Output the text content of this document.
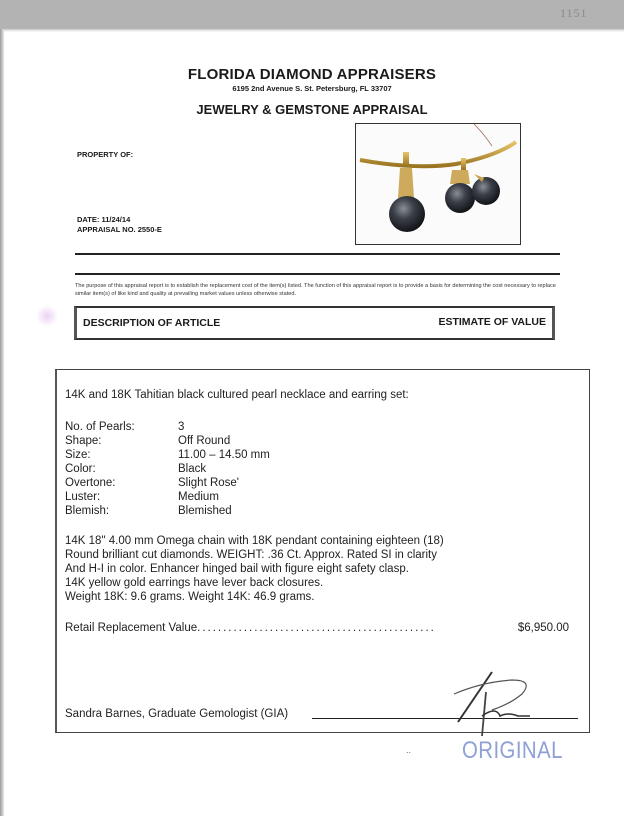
1151
FLORIDA DIAMOND APPRAISERS
6195 2nd Avenue S. St. Petersburg, FL 33707
JEWELRY & GEMSTONE APPRAISAL
PROPERTY OF:
DATE: 11/24/14
APPRAISAL NO. 2550-E
The purpose of this appraisal report is to establish the replacement cost of the item(s) listed. The function of this appraisal report is to provide a basis for determining the cost necessary to replace similar item(s) of like kind and quality at prevailing market values unless otherwise stated.
DESCRIPTION OF ARTICLE	ESTIMATE OF VALUE
14K and 18K Tahitian black cultured pearl necklace and earring set:
No. of Pearls:	3
Shape:	Off Round
Size:	11.00 – 14.50 mm
Color:	Black
Overtone:	Slight Rose'
Luster:	Medium
Blemish:	Blemished
14K 18" 4.00 mm Omega chain with 18K pendant containing eighteen (18)
Round brilliant cut diamonds. WEIGHT: .36 Ct. Approx. Rated SI in clarity
And H-I in color. Enhancer hinged bail with figure eight safety clasp.
14K yellow gold earrings have lever back closures.
Weight 18K: 9.6 grams. Weight 14K: 46.9 grams.
Retail Replacement Value. . . . . . . . . . . . . . . . . . . . . . . . . . . . . . . . . . . . . . . . . . . . . .	$6,950.00
Sandra Barnes, Graduate Gemologist (GIA)
.. ORIGINAL
